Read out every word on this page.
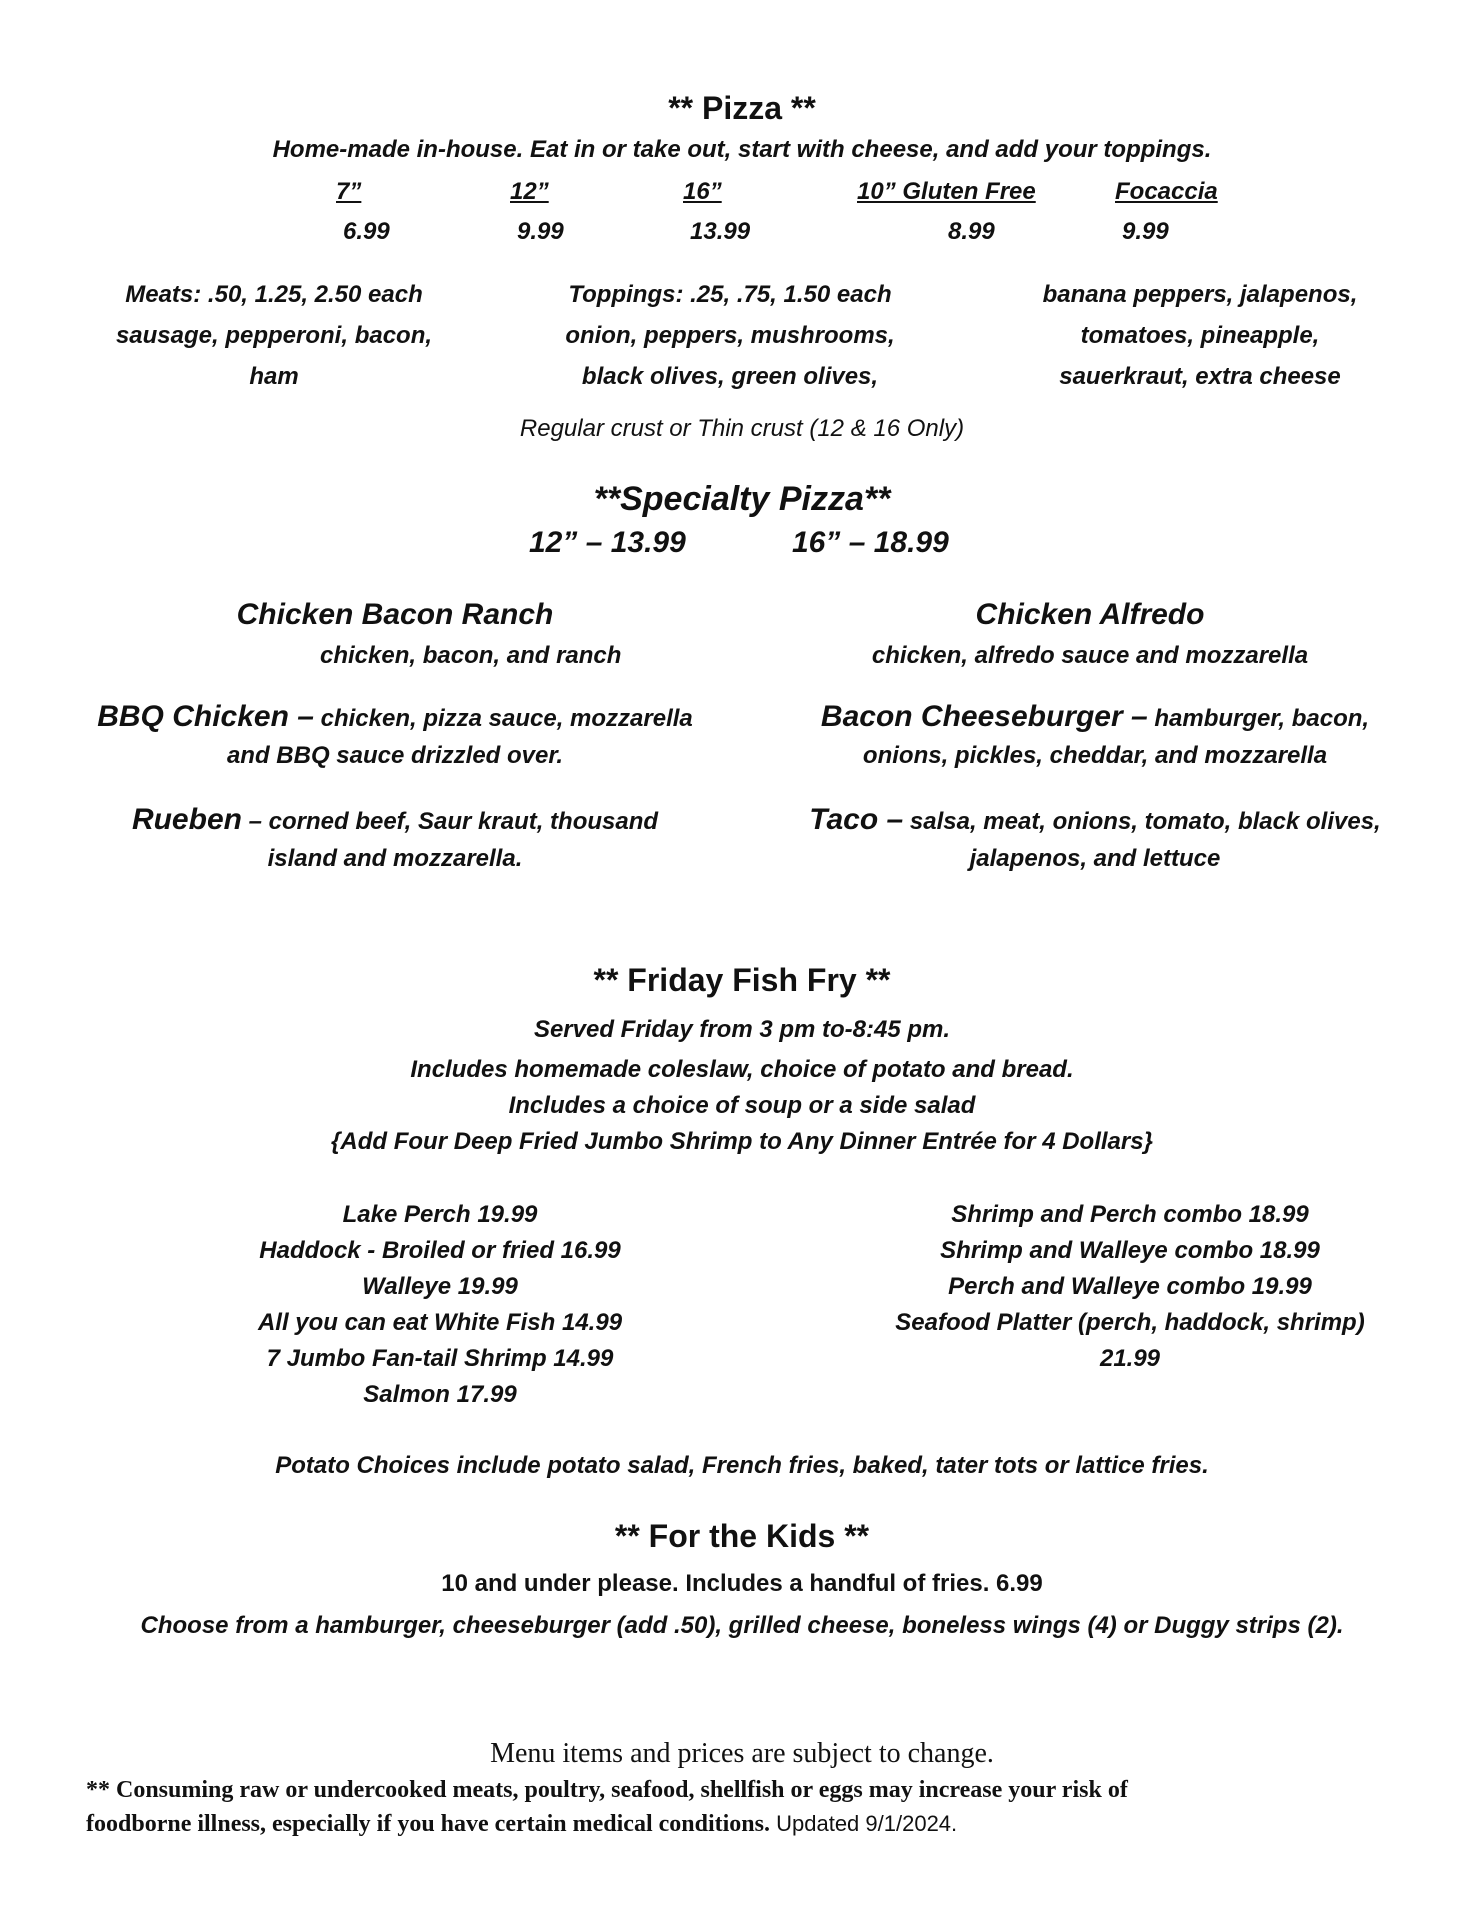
** Pizza **
Home-made in-house. Eat in or take out, start with cheese, and add your toppings.
7”	12”	16”	10” Gluten Free	Focaccia
6.99	9.99	13.99	8.99	9.99
Meats: .50, 1.25, 2.50 each
sausage, pepperoni, bacon,
ham
Toppings: .25, .75, 1.50 each
onion, peppers, mushrooms,
black olives, green olives,
banana peppers, jalapenos,
tomatoes, pineapple,
sauerkraut, extra cheese
Regular crust or Thin crust (12 & 16 Only)
**Specialty Pizza**
12” – 13.99	16” – 18.99
Chicken Bacon Ranch
chicken, bacon, and ranch
Chicken Alfredo
chicken, alfredo sauce and mozzarella
BBQ Chicken – chicken, pizza sauce, mozzarella
and BBQ sauce drizzled over.
Bacon Cheeseburger – hamburger, bacon,
onions, pickles, cheddar, and mozzarella
Rueben – corned beef, Saur kraut, thousand
island and mozzarella.
Taco – salsa, meat, onions, tomato, black olives,
jalapenos, and lettuce
** Friday Fish Fry **
Served Friday from 3 pm to-8:45 pm.
Includes homemade coleslaw, choice of potato and bread.
Includes a choice of soup or a side salad
{Add Four Deep Fried Jumbo Shrimp to Any Dinner Entrée for 4 Dollars}
Lake Perch 19.99
Haddock - Broiled or fried 16.99
Walleye 19.99
All you can eat White Fish 14.99
7 Jumbo Fan-tail Shrimp 14.99
Salmon 17.99
Shrimp and Perch combo 18.99
Shrimp and Walleye combo 18.99
Perch and Walleye combo 19.99
Seafood Platter (perch, haddock, shrimp)
21.99
Potato Choices include potato salad, French fries, baked, tater tots or lattice fries.
** For the Kids **
10 and under please. Includes a handful of fries. 6.99
Choose from a hamburger, cheeseburger (add .50), grilled cheese, boneless wings (4) or Duggy strips (2).
Menu items and prices are subject to change.
** Consuming raw or undercooked meats, poultry, seafood, shellfish or eggs may increase your risk of
foodborne illness, especially if you have certain medical conditions. Updated 9/1/2024.
